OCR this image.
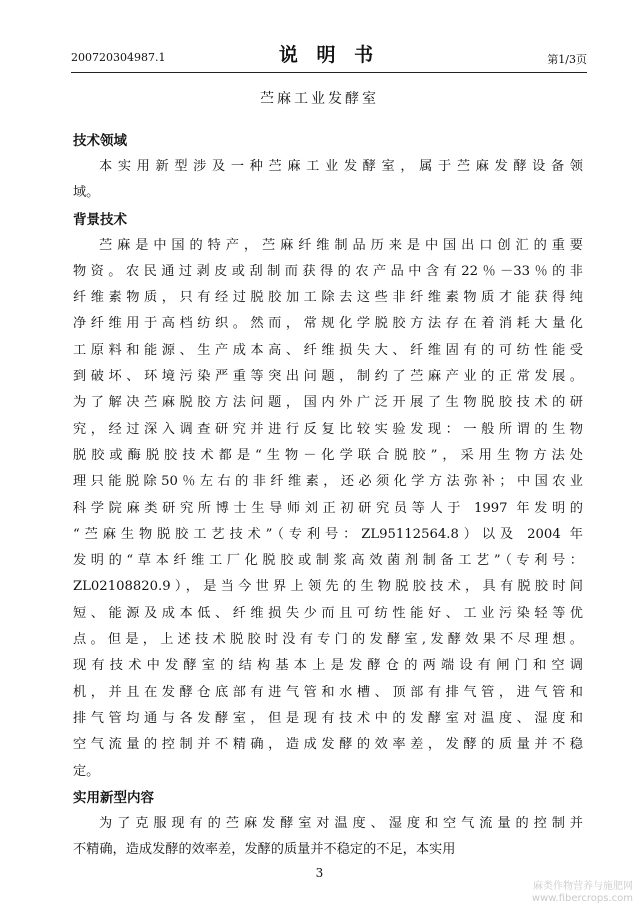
200720304987.1	说 明 书	第1/3页
苎麻工业发酵室
技术领域
本实用新型涉及一种苎麻工业发酵室，属于苎麻发酵设备领
域。
背景技术
苎麻是中国的特产，苎麻纤维制品历来是中国出口创汇的重要
物资。农民通过剥皮或刮制而获得的农产品中含有22％－33％的非
纤维素物质，只有经过脱胶加工除去这些非纤维素物质才能获得纯
净纤维用于高档纺织。然而，常规化学脱胶方法存在着消耗大量化
工原料和能源、生产成本高、纤维损失大、纤维固有的可纺性能受
到破坏、环境污染严重等突出问题，制约了苎麻产业的正常发展。
为了解决苎麻脱胶方法问题，国内外广泛开展了生物脱胶技术的研
究，经过深入调查研究并进行反复比较实验发现：一般所谓的生物
脱胶或酶脱胶技术都是“生物－化学联合脱胶”，采用生物方法处
理只能脱除50％左右的非纤维素，还必须化学方法弥补；中国农业
科学院麻类研究所博士生导师刘正初研究员等人于 1997 年发明的
“苎麻生物脱胶工艺技术”（专利号：ZL95112564.8）以及 2004 年
发明的“草本纤维工厂化脱胶或制浆高效菌剂制备工艺”（专利号：
ZL02108820.9），是当今世界上领先的生物脱胶技术，具有脱胶时间
短、能源及成本低、纤维损失少而且可纺性能好、工业污染轻等优
点。但是，上述技术脱胶时没有专门的发酵室,发酵效果不尽理想。
现有技术中发酵室的结构基本上是发酵仓的两端设有闸门和空调
机，并且在发酵仓底部有进气管和水槽、顶部有排气管，进气管和
排气管均通与各发酵室，但是现有技术中的发酵室对温度、湿度和
空气流量的控制并不精确，造成发酵的效率差，发酵的质量并不稳
定。
实用新型内容
为了克服现有的苎麻发酵室对温度、湿度和空气流量的控制并
不精确，造成发酵的效率差，发酵的质量并不稳定的不足，本实用
3
麻类作物营养与施肥网
www.fibercrops.com
